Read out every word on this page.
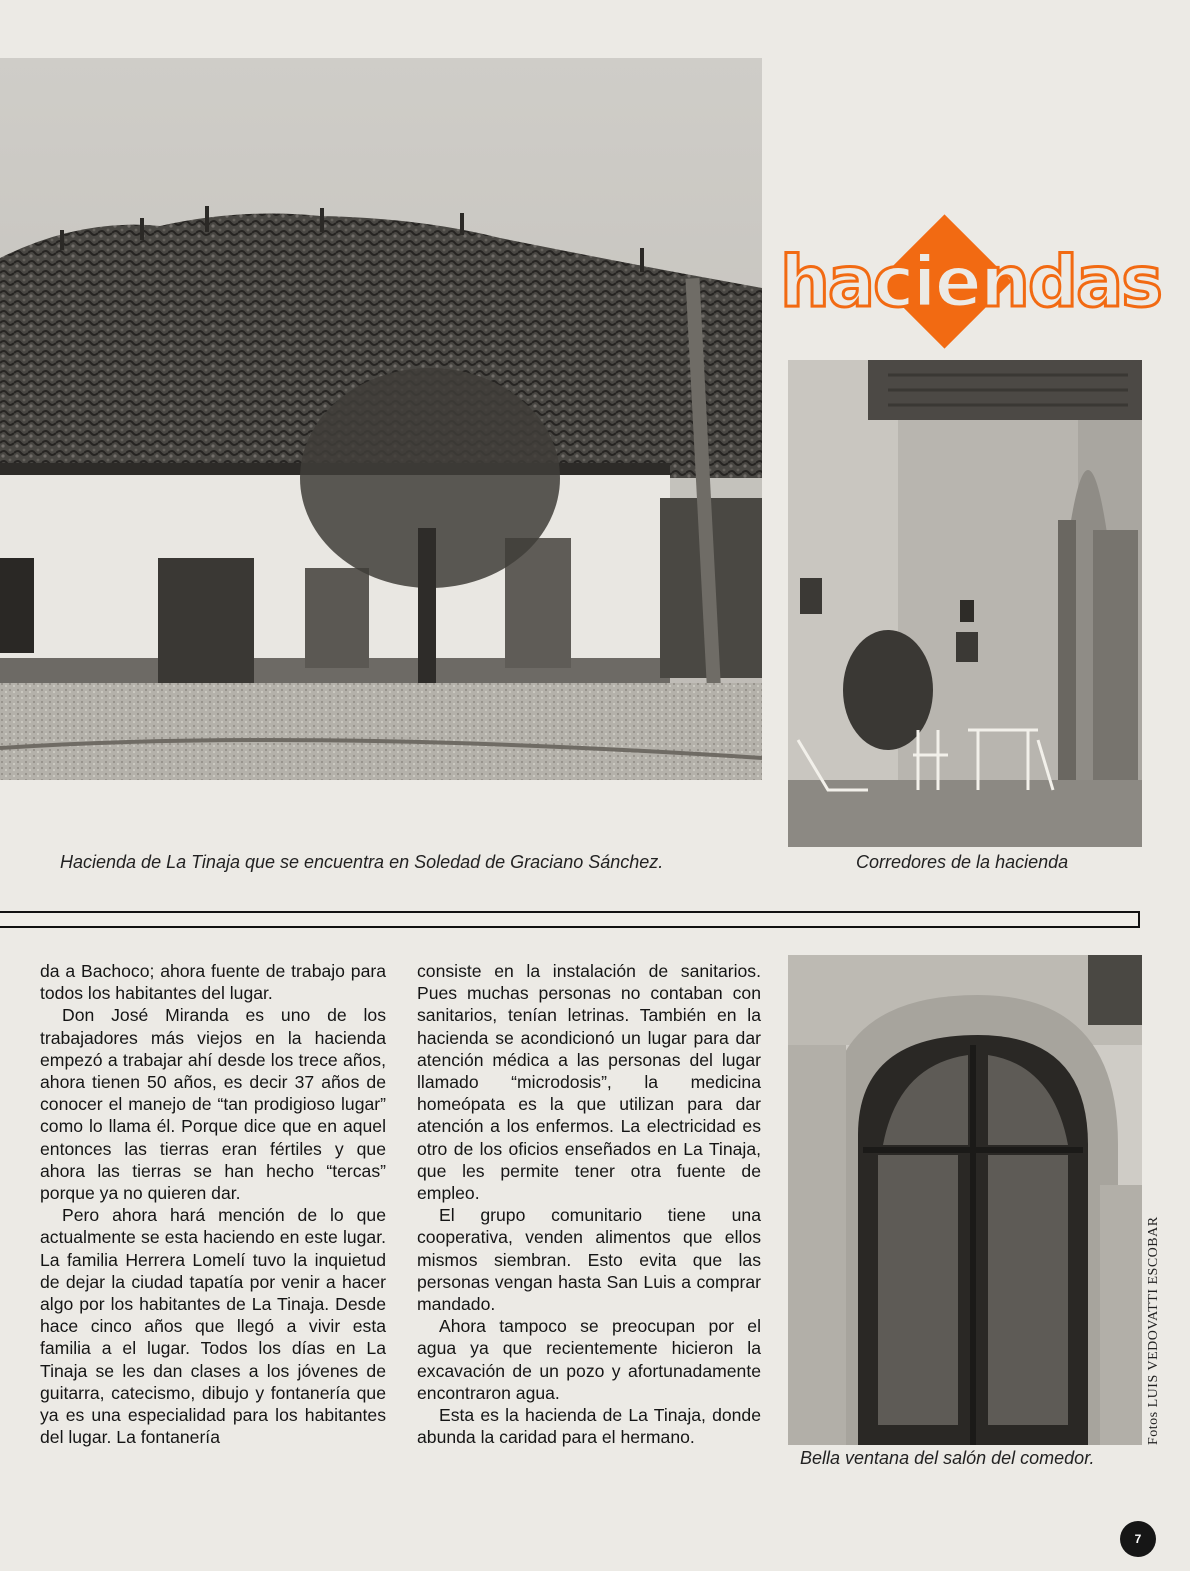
haciendas
Hacienda de La Tinaja que se encuentra en Soledad de Graciano Sánchez.	Corredores de la hacienda

da a Bachoco; ahora fuente de trabajo para todos los habitantes del lugar.

Don José Miranda es uno de los trabajadores más viejos en la hacienda empezó a trabajar ahí desde los trece años, ahora tienen 50 años, es decir 37 años de conocer el manejo de “tan prodigioso lugar” como lo llama él. Porque dice que en aquel entonces las tierras eran fértiles y que ahora las tierras se han hecho “tercas” porque ya no quieren dar.

Pero ahora hará mención de lo que actualmente se esta haciendo en este lugar. La familia Herrera Lomelí tuvo la inquietud de dejar la ciudad tapatía por venir a hacer algo por los habitantes de La Tinaja. Desde hace cinco años que llegó a vivir esta familia a el lugar. Todos los días en La Tinaja se les dan clases a los jóvenes de guitarra, catecismo, dibujo y fontanería que ya es una especialidad para los habitantes del lugar. La fontanería

consiste en la instalación de sanitarios. Pues muchas personas no contaban con sanitarios, tenían letrinas. También en la hacienda se acondicionó un lugar para dar atención médica a las personas del lugar llamado “microdosis”, la medicina homeópata es la que utilizan para dar atención a los enfermos. La electricidad es otro de los oficios enseñados en La Tinaja, que les permite tener otra fuente de empleo.

El grupo comunitario tiene una cooperativa, venden alimentos que ellos mismos siembran. Esto evita que las personas vengan hasta San Luis a comprar mandado.

Ahora tampoco se preocupan por el agua ya que recientemente hicieron la excavación de un pozo y afortunadamente encontraron agua.

Esta es la hacienda de La Tinaja, donde abunda la caridad para el hermano.

Bella ventana del salón del comedor.
Fotos LUIS VEDOVATTI ESCOBAR
7
